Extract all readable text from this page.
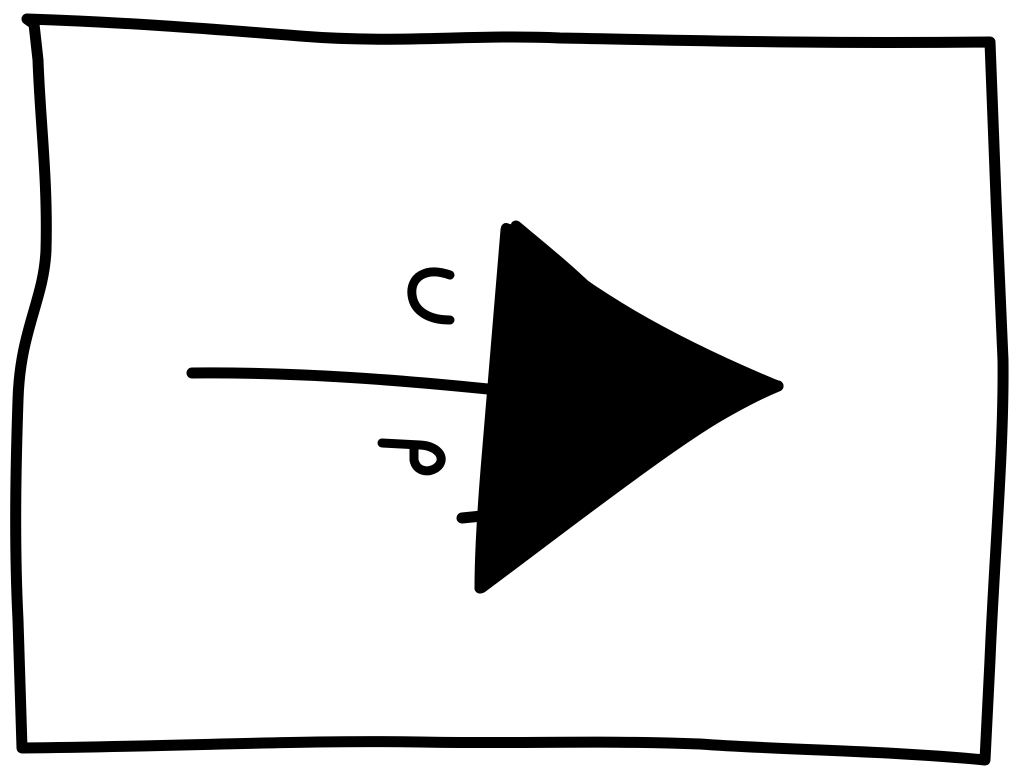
c
p
